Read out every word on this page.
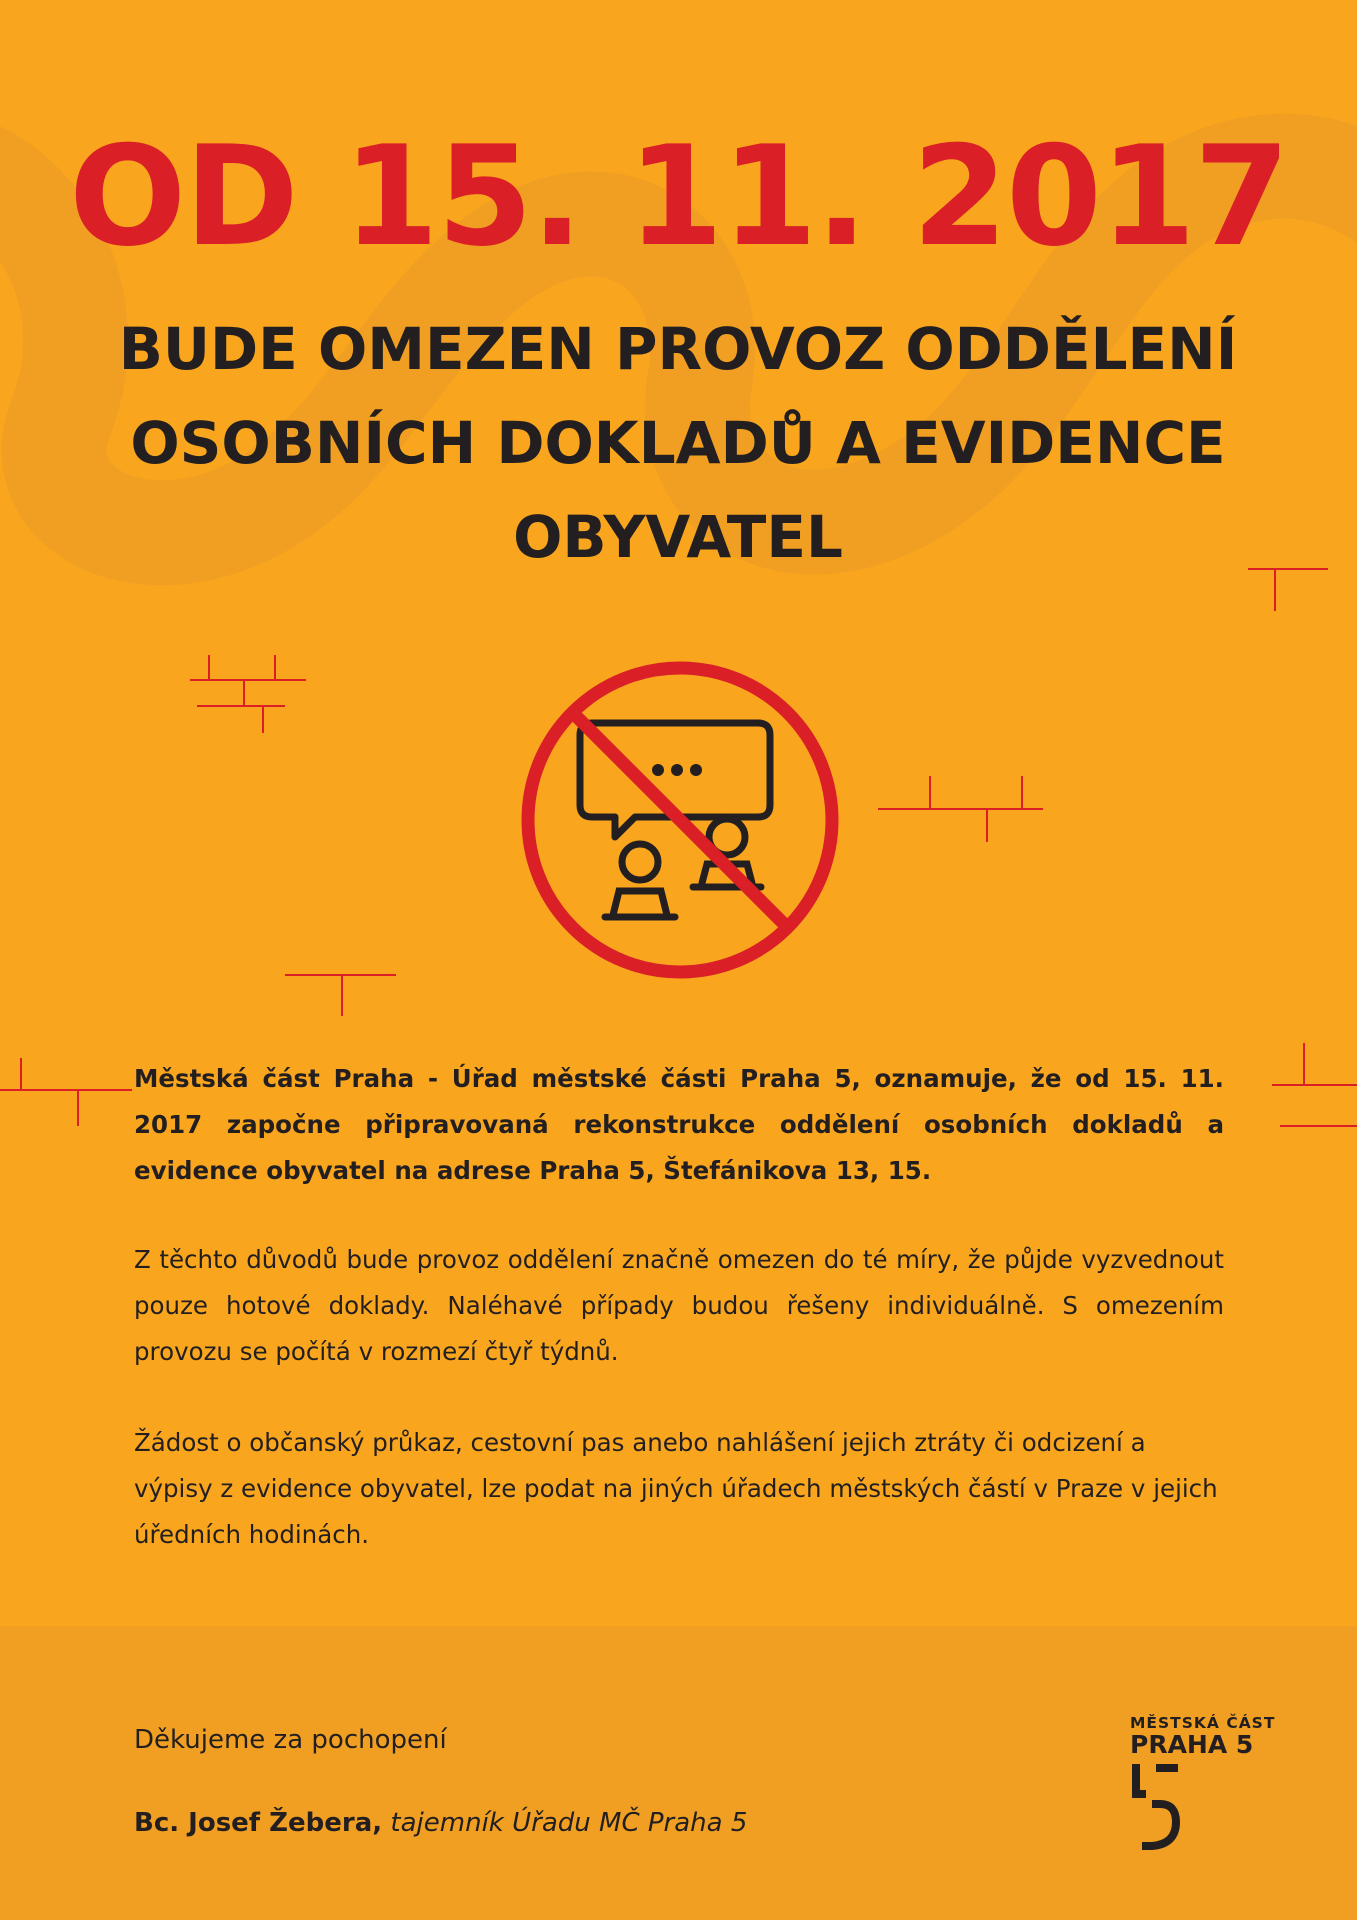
OD 15. 11. 2017
BUDE OMEZEN PROVOZ ODDĚLENÍ
OSOBNÍCH DOKLADŮ A EVIDENCE
OBYVATEL

Městská část Praha - Úřad městské části Praha 5, oznamuje, že od 15. 11. 2017 započne připravovaná rekonstrukce oddělení osobních dokladů a evidence obyvatel na adrese Praha 5, Štefánikova 13, 15.

Z těchto důvodů bude provoz oddělení značně omezen do té míry, že půjde vyzvednout pouze hotové doklady. Naléhavé případy budou řešeny individuálně. S omezením provozu se počítá v rozmezí čtyř týdnů.

Žádost o občanský průkaz, cestovní pas anebo nahlášení jejich ztráty či odcizení a výpisy z evidence obyvatel, lze podat na jiných úřadech městských částí v Praze v jejich úředních hodinách.

Děkujeme za pochopení
Bc. Josef Žebera, tajemník Úřadu MČ Praha 5
MĚSTSKÁ ČÁST
PRAHA 5
